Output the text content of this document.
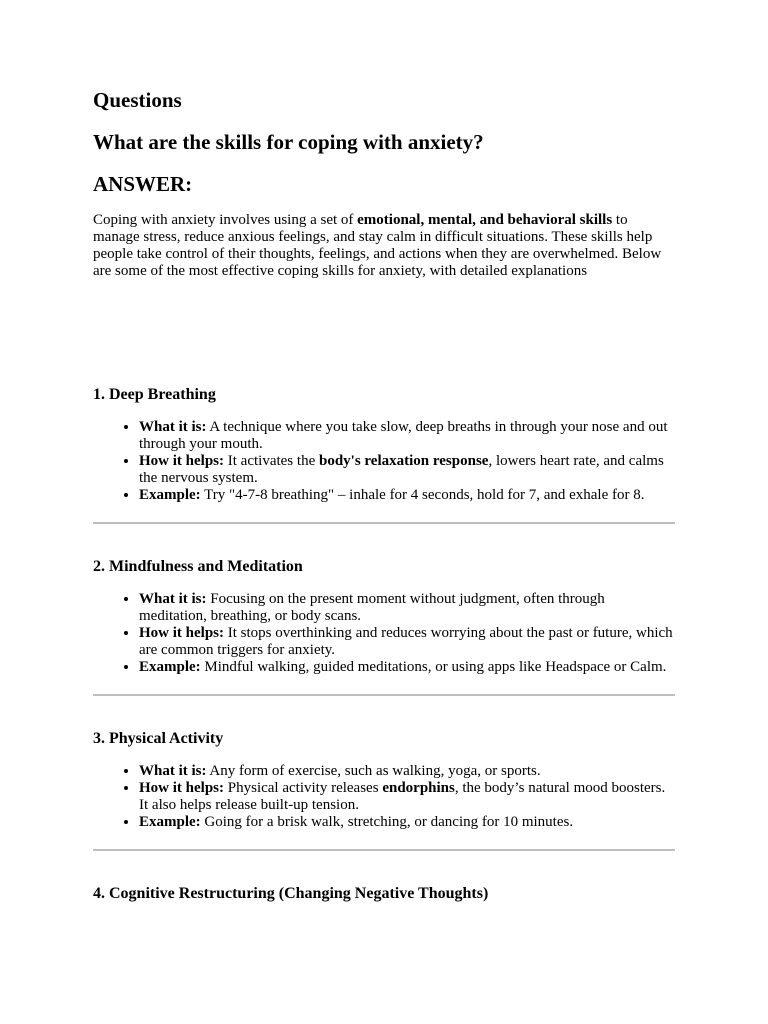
Questions
What are the skills for coping with anxiety?
ANSWER:

Coping with anxiety involves using a set of emotional, mental, and behavioral skills to manage stress, reduce anxious feelings, and stay calm in difficult situations. These skills help people take control of their thoughts, feelings, and actions when they are overwhelmed. Below are some of the most effective coping skills for anxiety, with detailed explanations

1. Deep Breathing
• What it is: A technique where you take slow, deep breaths in through your nose and out through your mouth.
• How it helps: It activates the body's relaxation response, lowers heart rate, and calms the nervous system.
• Example: Try "4-7-8 breathing" – inhale for 4 seconds, hold for 7, and exhale for 8.
2. Mindfulness and Meditation
• What it is: Focusing on the present moment without judgment, often through meditation, breathing, or body scans.
• How it helps: It stops overthinking and reduces worrying about the past or future, which are common triggers for anxiety.
• Example: Mindful walking, guided meditations, or using apps like Headspace or Calm.
3. Physical Activity
• What it is: Any form of exercise, such as walking, yoga, or sports.
• How it helps: Physical activity releases endorphins, the body’s natural mood boosters. It also helps release built-up tension.
• Example: Going for a brisk walk, stretching, or dancing for 10 minutes.
4. Cognitive Restructuring (Changing Negative Thoughts)
